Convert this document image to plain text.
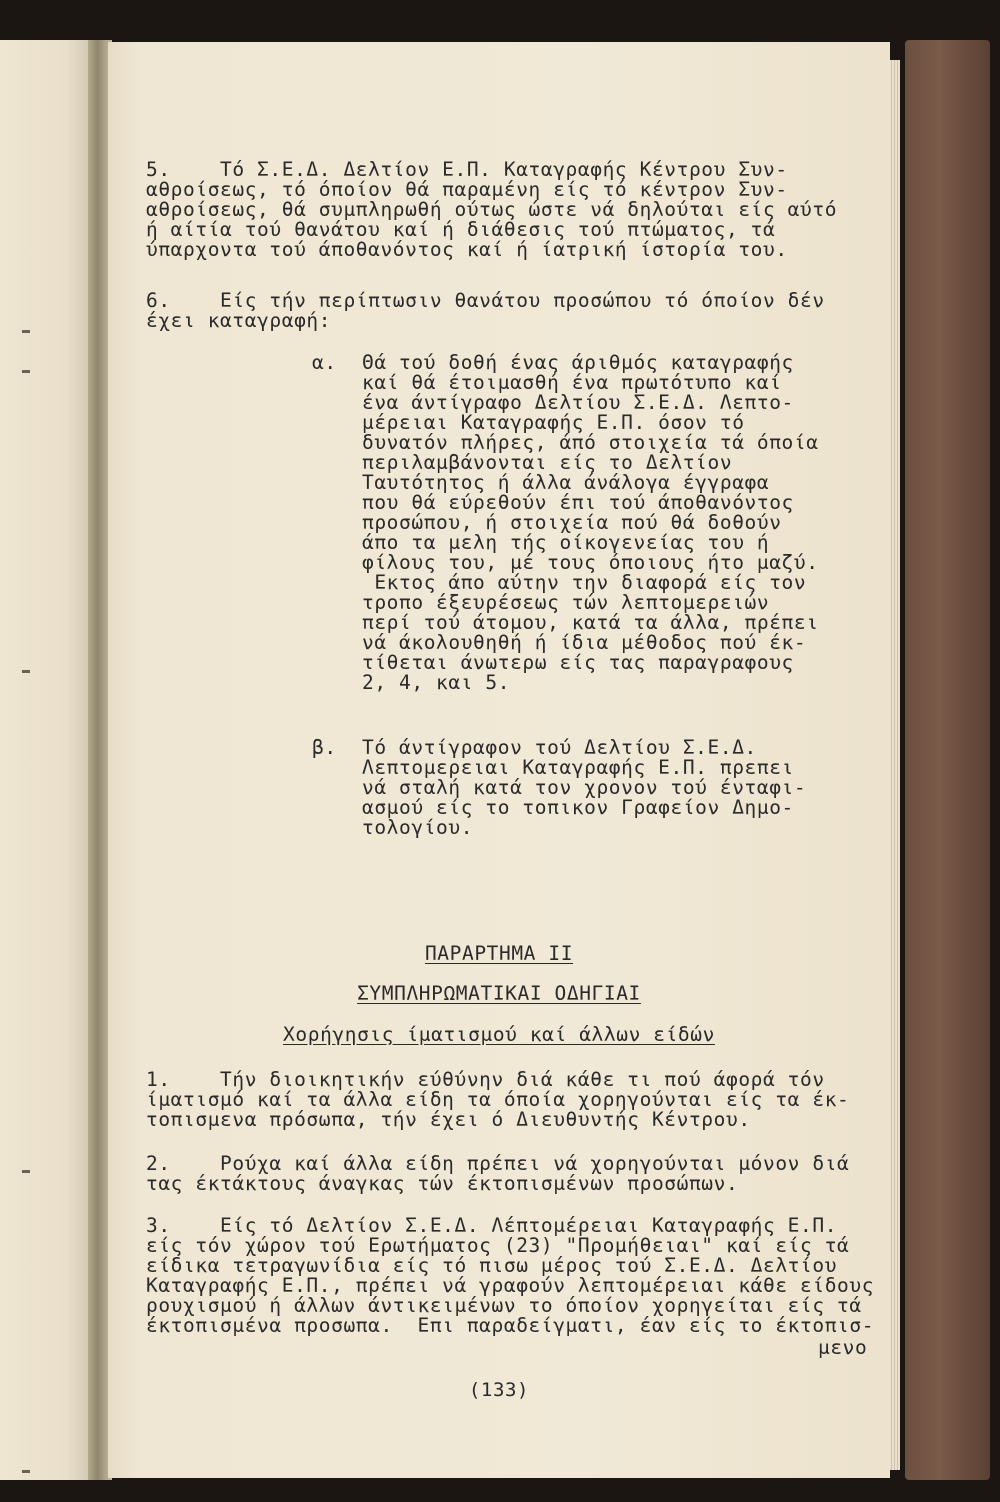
5.    Τό Σ.Ε.Δ. Δελτίον Ε.Π. Καταγραφής Κέντρου Συν-
αθροίσεως, τό όποίον θά παραμένη είς τό κέντρον Συν-
αθροίσεως, θά συμπληρωθή ούτως ώστε νά δηλούται είς αύτό
ή αίτία τού θανάτου καί ή διάθεσις τού πτώματος, τά
ύπαρχοντα τού άποθανόντος καί ή ίατρική ίστορία του.
6.    Είς τήν περίπτωσιν θανάτου προσώπου τό όποίον δέν
έχει καταγραφή:
α. Θά τού δοθή ένας άριθμός καταγραφής
καί θά έτοιμασθή ένα πρωτότυπο καί
ένα άντίγραφο Δελτίου Σ.Ε.Δ. Λεπτο-
μέρειαι Καταγραφής Ε.Π. όσον τό
δυνατόν πλήρες, άπό στοιχεία τά όποία
περιλαμβάνονται είς το Δελτίον
Ταυτότητος ή άλλα άνάλογα έγγραφα
που θά εύρεθούν έπι τού άποθανόντος
προσώπου, ή στοιχεία πού θά δοθούν
άπο τα μελη τής οίκογενείας του ή
φίλους του, μέ τους όποιους ήτο μαζύ.
Εκτος άπο αύτην την διαφορά είς τον
τροπο έξευρέσεως τών λεπτομερειών
περί τού άτομου, κατά τα άλλα, πρέπει
νά άκολουθηθή ή ίδια μέθοδος πού έκ-
τίθεται άνωτερω είς τας παραγραφους
2, 4, και 5.
β. Τό άντίγραφον τού Δελτίου Σ.Ε.Δ.
Λεπτομερειαι Καταγραφής Ε.Π. πρεπει
νά σταλή κατά τον χρονον τού ένταφι-
ασμού είς το τοπικον Γραφείον Δημο-
τολογίου.
ΠΑΡΑΡΤΗΜΑ II
ΣΥΜΠΛΗΡΩΜΑΤΙΚΑΙ ΟΔΗΓΙΑΙ
Χορήγησις ίματισμού καί άλλων είδών
1.    Τήν διοικητικήν εύθύνην διά κάθε τι πού άφορά τόν
ίματισμό καί τα άλλα είδη τα όποία χορηγούνται είς τα έκ-
τοπισμενα πρόσωπα, τήν έχει ό Διευθυντής Κέντρου.
2.    Ρούχα καί άλλα είδη πρέπει νά χορηγούνται μόνον διά
τας έκτάκτους άναγκας τών έκτοπισμένων προσώπων.
3.    Είς τό Δελτίον Σ.Ε.Δ. Λέπτομέρειαι Καταγραφής Ε.Π.
είς τόν χώρον τού Ερωτήματος (23) "Προμήθειαι" καί είς τά
είδικα τετραγωνίδια είς τό πισω μέρος τού Σ.Ε.Δ. Δελτίου
Καταγραφής Ε.Π., πρέπει νά γραφούν λεπτομέρειαι κάθε είδους
ρουχισμού ή άλλων άντικειμένων το όποίον χορηγείται είς τά
έκτοπισμένα προσωπα.  Επι παραδείγματι, έαν είς το έκτοπισ-
μενο
(133)
